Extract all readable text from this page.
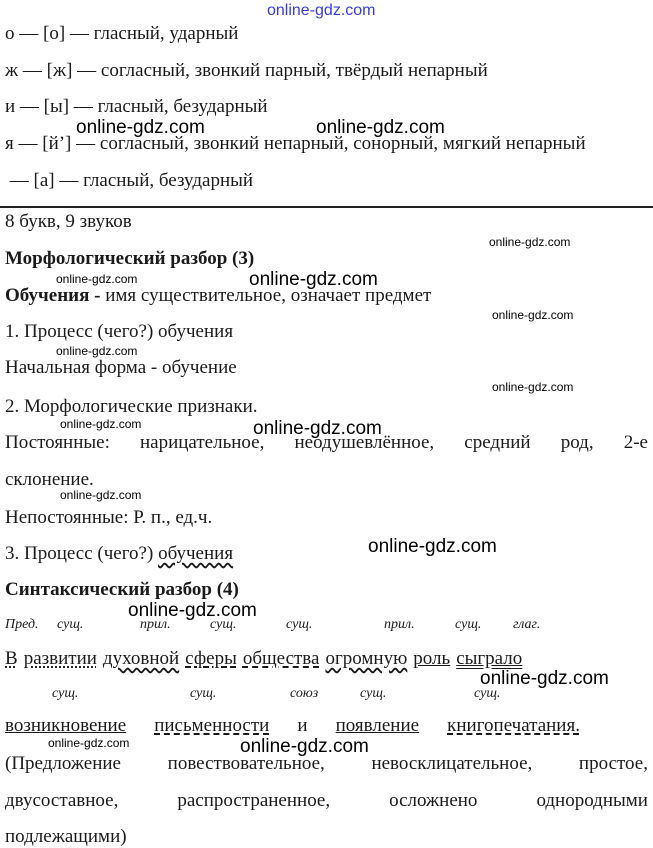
online-gdz.com
online-gdz.com	online-gdz.com
online-gdz.com
online-gdz.com
online-gdz.com
online-gdz.com
online-gdz.com
online-gdz.com
online-gdz.com	online-gdz.com
online-gdz.com
online-gdz.com
online-gdz.com
online-gdz.com
online-gdz.com	online-gdz.com
о — [о] — гласный, ударный
ж — [ж] — согласный, звонкий парный, твёрдый непарный
и — [ы] — гласный, безударный
я — [й’] — согласный, звонкий непарный, сонорный, мягкий непарный
— [а] — гласный, безударный
8 букв, 9 звуков
Морфологический разбор (3)
Обучения - имя существительное, означает предмет
1. Процесс (чего?) обучения
Начальная форма - обучение
2. Морфологические признаки.
Постоянные: нарицательное, неодушевлённое, средний род, 2-е
склонение.
Непостоянные: Р. п., ед.ч.
3. Процесс (чего?) обучения
Синтаксический разбор (4)
Пред. сущ.	прил.	сущ.	сущ.	прил.	сущ. глаг.
В развитии духовной сферы общества огромную роль сыграло
сущ.	сущ.	союз	сущ.	сущ.
возникновение письменности и появление книгопечатания.
(Предложение повествовательное, невосклицательное, простое,
двусоставное,	распространенное,	осложнено	однородными
подлежащими)
